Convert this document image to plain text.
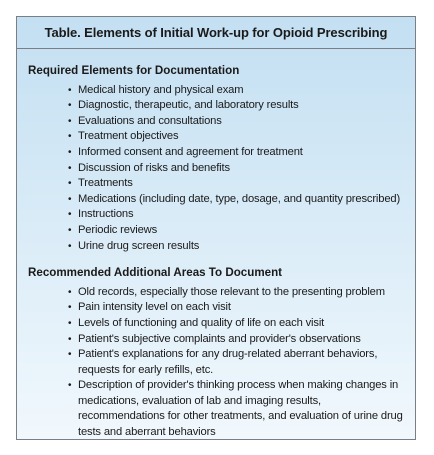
Table. Elements of Initial Work-up for Opioid Prescribing
Required Elements for Documentation
• Medical history and physical exam
• Diagnostic, therapeutic, and laboratory results
• Evaluations and consultations
• Treatment objectives
• Informed consent and agreement for treatment
• Discussion of risks and benefits
• Treatments
• Medications (including date, type, dosage, and quantity prescribed)
• Instructions
• Periodic reviews
• Urine drug screen results
Recommended Additional Areas To Document
• Old records, especially those relevant to the presenting problem
• Pain intensity level on each visit
• Levels of functioning and quality of life on each visit
• Patient's subjective complaints and provider's observations
• Patient's explanations for any drug-related aberrant behaviors, requests for early refills, etc.
• Description of provider's thinking process when making changes in medications, evaluation of lab and imaging results, recommendations for other treatments, and evaluation of urine drug tests and aberrant behaviors
